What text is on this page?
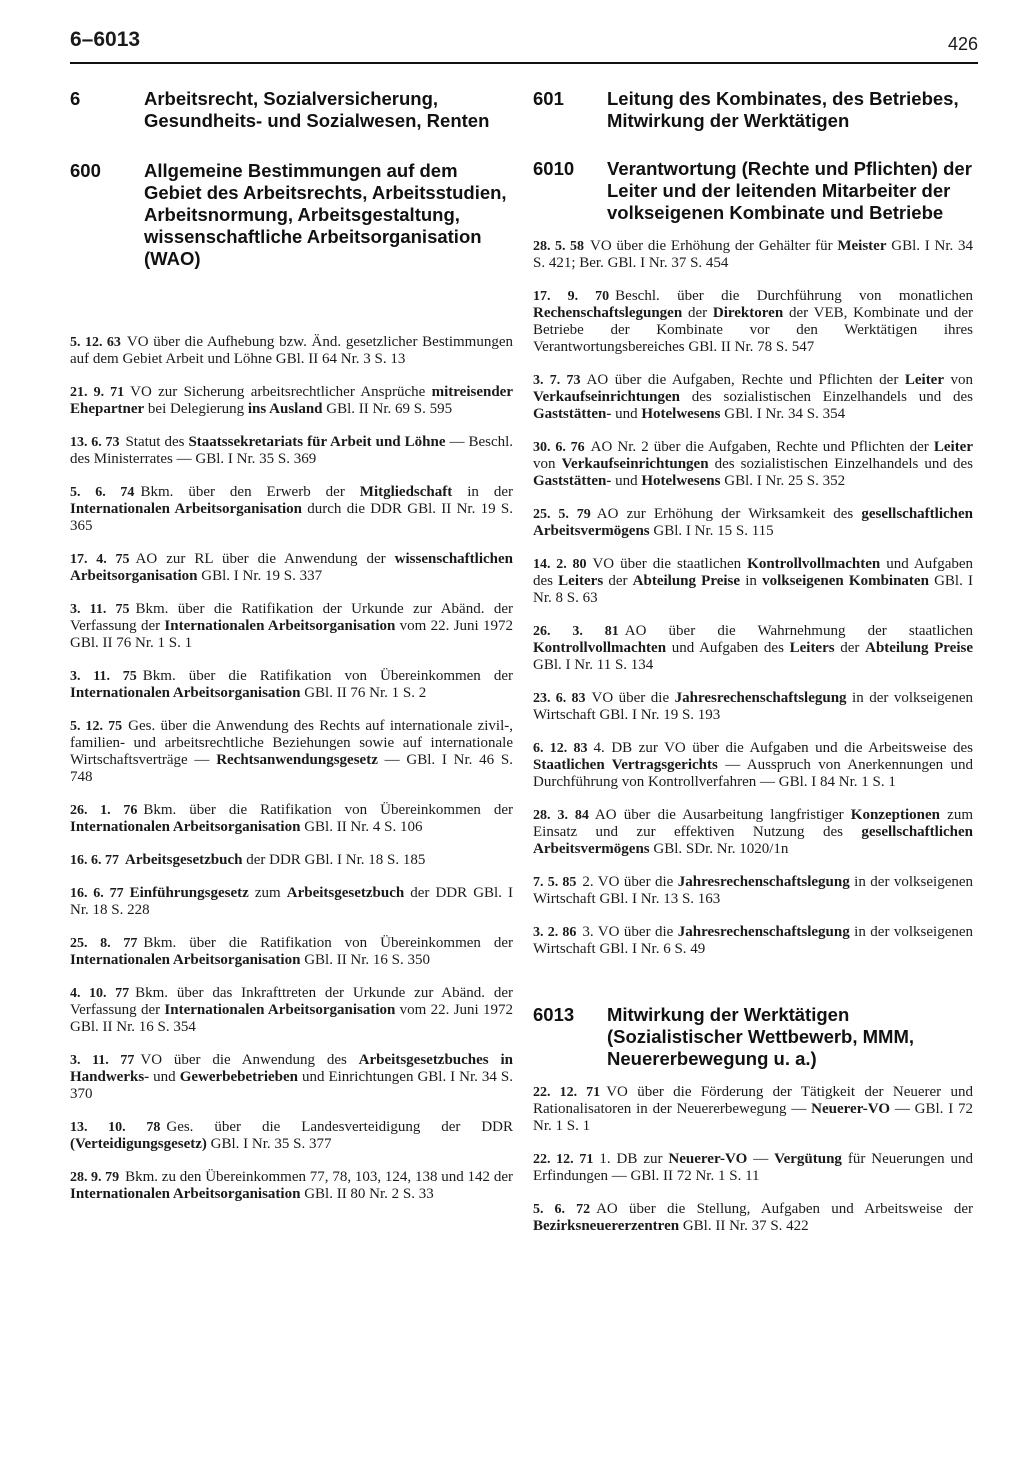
6–6013	426
6	Arbeitsrecht, Sozialversicherung, Gesundheits- und Sozialwesen, Renten
600	Allgemeine Bestimmungen auf dem Gebiet des Arbeitsrechts, Arbeitsstudien, Arbeitsnormung, Arbeitsgestaltung, wissenschaftliche Arbeitsorganisation (WAO)

5. 12. 63 VO über die Aufhebung bzw. Änd. gesetzlicher Bestimmungen auf dem Gebiet Arbeit und Löhne GBl. II 64 Nr. 3 S. 13

21. 9. 71 VO zur Sicherung arbeitsrechtlicher Ansprüche mitreisender Ehepartner bei Delegierung ins Ausland GBl. II Nr. 69 S. 595

13. 6. 73 Statut des Staatssekretariats für Arbeit und Löhne — Beschl. des Ministerrates — GBl. I Nr. 35 S. 369

5. 6. 74 Bkm. über den Erwerb der Mitgliedschaft in der Internationalen Arbeitsorganisation durch die DDR GBl. II Nr. 19 S. 365

17. 4. 75 AO zur RL über die Anwendung der wissenschaftlichen Arbeitsorganisation GBl. I Nr. 19 S. 337

3. 11. 75 Bkm. über die Ratifikation der Urkunde zur Abänd. der Verfassung der Internationalen Arbeitsorganisation vom 22. Juni 1972 GBl. II 76 Nr. 1 S. 1

3. 11. 75 Bkm. über die Ratifikation von Übereinkommen der Internationalen Arbeitsorganisation GBl. II 76 Nr. 1 S. 2

5. 12. 75 Ges. über die Anwendung des Rechts auf internationale zivil-, familien- und arbeitsrechtliche Beziehungen sowie auf internationale Wirtschaftsverträge — Rechtsanwendungsgesetz — GBl. I Nr. 46 S. 748

26. 1. 76 Bkm. über die Ratifikation von Übereinkommen der Internationalen Arbeitsorganisation GBl. II Nr. 4 S. 106

16. 6. 77 Arbeitsgesetzbuch der DDR GBl. I Nr. 18 S. 185

16. 6. 77 Einführungsgesetz zum Arbeitsgesetzbuch der DDR GBl. I Nr. 18 S. 228

25. 8. 77 Bkm. über die Ratifikation von Übereinkommen der Internationalen Arbeitsorganisation GBl. II Nr. 16 S. 350

4. 10. 77 Bkm. über das Inkrafttreten der Urkunde zur Abänd. der Verfassung der Internationalen Arbeitsorganisation vom 22. Juni 1972 GBl. II Nr. 16 S. 354

3. 11. 77 VO über die Anwendung des Arbeitsgesetzbuches in Handwerks- und Gewerbebetrieben und Einrichtungen GBl. I Nr. 34 S. 370

13. 10. 78 Ges. über die Landesverteidigung der DDR (Verteidigungsgesetz) GBl. I Nr. 35 S. 377

28. 9. 79 Bkm. zu den Übereinkommen 77, 78, 103, 124, 138 und 142 der Internationalen Arbeitsorganisation GBl. II 80 Nr. 2 S. 33

601	Leitung des Kombinates, des Betriebes, Mitwirkung der Werktätigen
6010	Verantwortung (Rechte und Pflichten) der Leiter und der leitenden Mitarbeiter der volkseigenen Kombinate und Betriebe

28. 5. 58 VO über die Erhöhung der Gehälter für Meister GBl. I Nr. 34 S. 421; Ber. GBl. I Nr. 37 S. 454

17. 9. 70 Beschl. über die Durchführung von monatlichen Rechenschaftslegungen der Direktoren der VEB, Kombinate und der Betriebe der Kombinate vor den Werktätigen ihres Verantwortungsbereiches GBl. II Nr. 78 S. 547

3. 7. 73 AO über die Aufgaben, Rechte und Pflichten der Leiter von Verkaufseinrichtungen des sozialistischen Einzelhandels und des Gaststätten- und Hotelwesens GBl. I Nr. 34 S. 354

30. 6. 76 AO Nr. 2 über die Aufgaben, Rechte und Pflichten der Leiter von Verkaufseinrichtungen des sozialistischen Einzelhandels und des Gaststätten- und Hotelwesens GBl. I Nr. 25 S. 352

25. 5. 79 AO zur Erhöhung der Wirksamkeit des gesellschaftlichen Arbeitsvermögens GBl. I Nr. 15 S. 115

14. 2. 80 VO über die staatlichen Kontrollvollmachten und Aufgaben des Leiters der Abteilung Preise in volkseigenen Kombinaten GBl. I Nr. 8 S. 63

26. 3. 81 AO über die Wahrnehmung der staatlichen Kontrollvollmachten und Aufgaben des Leiters der Abteilung Preise GBl. I Nr. 11 S. 134

23. 6. 83 VO über die Jahresrechenschaftslegung in der volkseigenen Wirtschaft GBl. I Nr. 19 S. 193

6. 12. 83 4. DB zur VO über die Aufgaben und die Arbeitsweise des Staatlichen Vertragsgerichts — Ausspruch von Anerkennungen und Durchführung von Kontrollverfahren — GBl. I 84 Nr. 1 S. 1

28. 3. 84 AO über die Ausarbeitung langfristiger Konzeptionen zum Einsatz und zur effektiven Nutzung des gesellschaftlichen Arbeitsvermögens GBl. SDr. Nr. 1020/1n

7. 5. 85 2. VO über die Jahresrechenschaftslegung in der volkseigenen Wirtschaft GBl. I Nr. 13 S. 163

3. 2. 86 3. VO über die Jahresrechenschaftslegung in der volkseigenen Wirtschaft GBl. I Nr. 6 S. 49

6013	Mitwirkung der Werktätigen (Sozialistischer Wettbewerb, MMM, Neuererbewegung u. a.)

22. 12. 71 VO über die Förderung der Tätigkeit der Neuerer und Rationalisatoren in der Neuererbewegung — Neuerer-VO — GBl. I 72 Nr. 1 S. 1

22. 12. 71 1. DB zur Neuerer-VO — Vergütung für Neuerungen und Erfindungen — GBl. II 72 Nr. 1 S. 11

5. 6. 72 AO über die Stellung, Aufgaben und Arbeitsweise der Bezirksneuererzentren GBl. II Nr. 37 S. 422
